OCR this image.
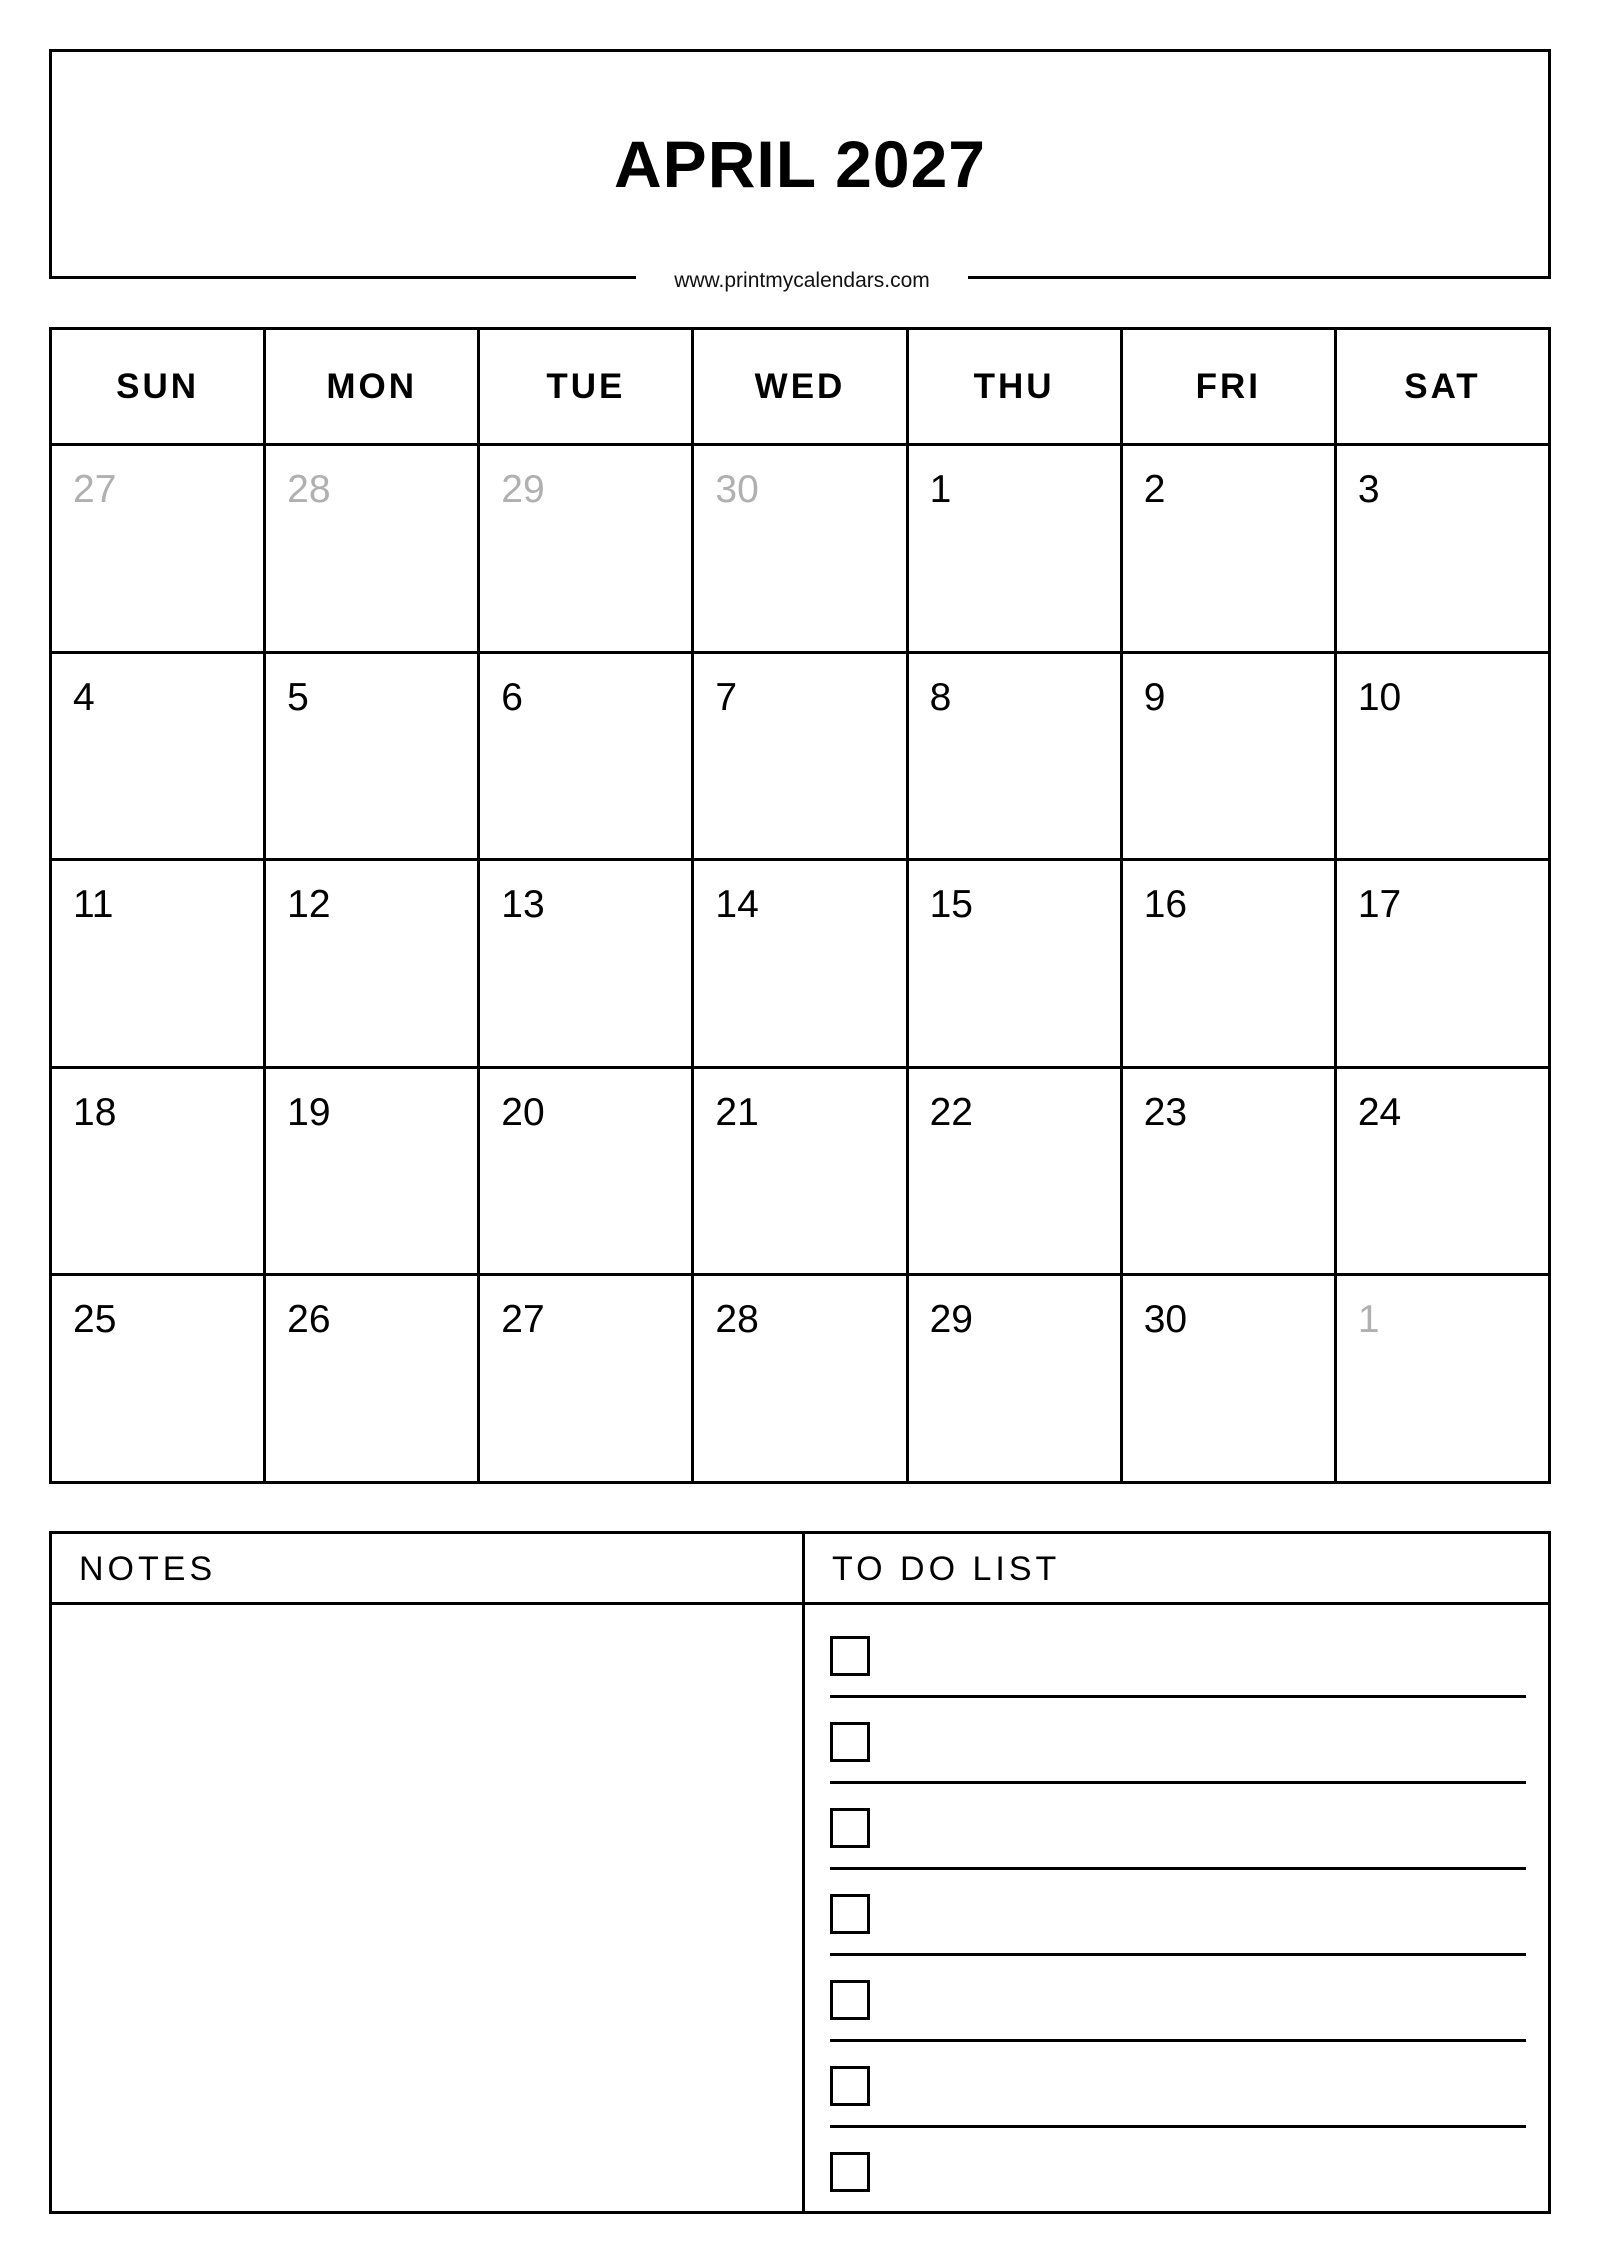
APRIL 2027
www.printmycalendars.com
SUN	MON	TUE	WED	THU	FRI	SAT

27	28	29	30	1	2	3

4	5	6	7	8	9	10

11	12	13	14	15	16	17

18	19	20	21	22	23	24

25	26	27	28	29	30	1
NOTES	TO DO LIST
